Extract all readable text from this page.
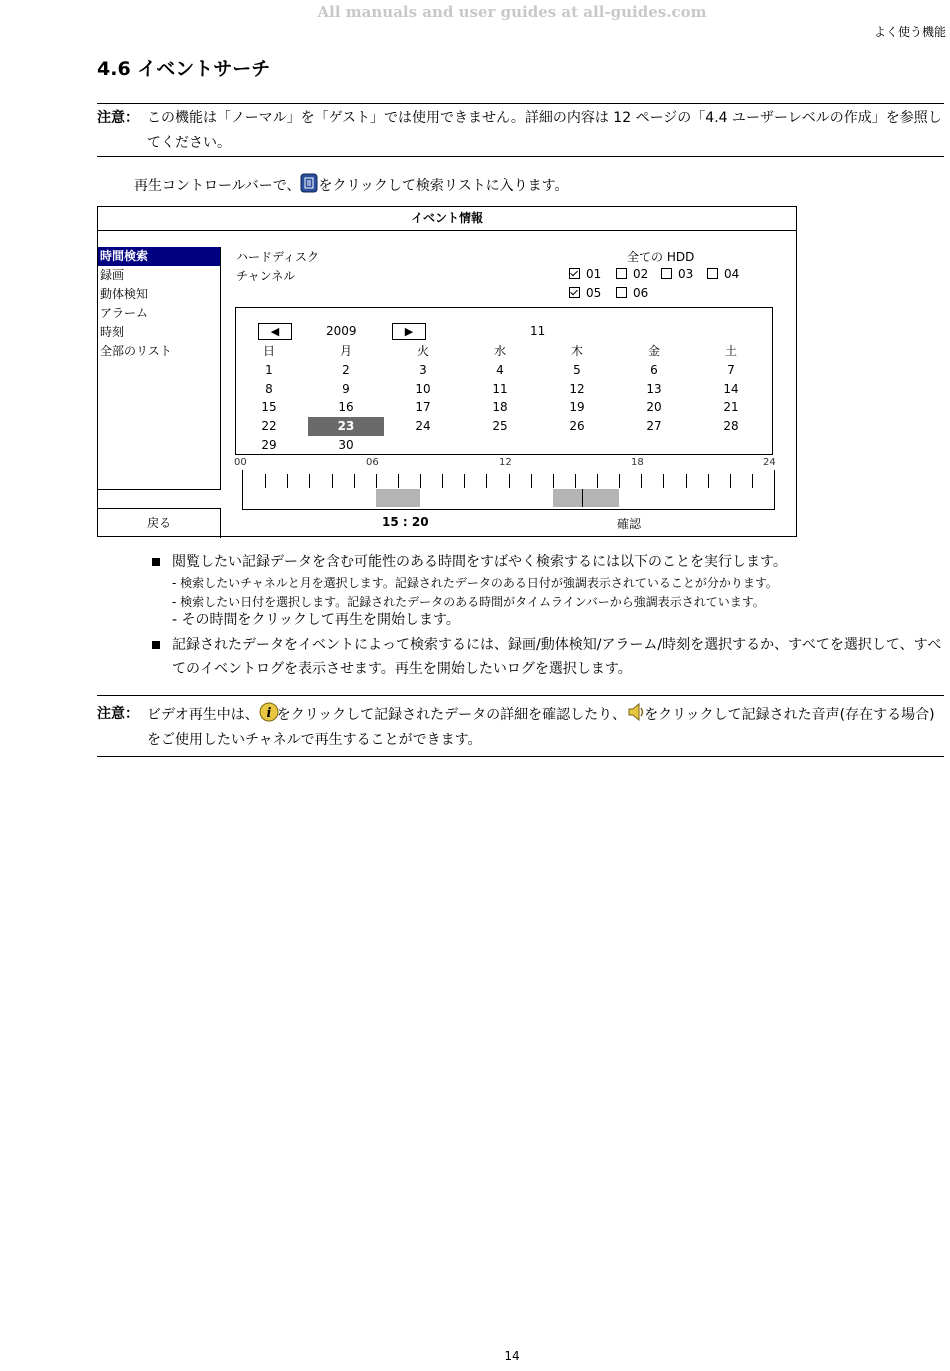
All manuals and user guides at all-guides.com
よく使う機能
4.6 イベントサーチ
注意： この機能は「ノーマル」を「ゲスト」では使用できません。詳細の内容は 12 ページの「4.4 ユーザーレベルの作成」を参照してください。
再生コントロールバーで、 をクリックして検索リストに入ります。
イベント情報
時間検索
録画
動体検知
アラーム
時刻
全部のリスト
ハードディスク	全ての HDD
チャンネル	01	02	03	04
05	06
◀	2009	▶	11
日	月	火	水	木	金	土
1	2	3	4	5	6	7
8	9	10	11	12	13	14
15	16	17	18	19	20	21
22	23	24	25	26	27	28
29	30
00	06	12	18	24
戻る	15 : 20	確認
閲覧したい記録データを含む可能性のある時間をすばやく検索するには以下のことを実行します。
- 検索したいチャネルと月を選択します。記録されたデータのある日付が強調表示されていることが分かります。
- 検索したい日付を選択します。記録されたデータのある時間がタイムラインバーから強調表示されています。
- その時間をクリックして再生を開始します。
記録されたデータをイベントによって検索するには、録画/動体検知/アラーム/時刻を選択するか、すべてを選択して、すべてのイベントログを表示させます。再生を開始したいログを選択します。
注意： ビデオ再生中は、 i をクリックして記録されたデータの詳細を確認したり、 をクリックして記録された音声(存在する場合)をご使用したいチャネルで再生することができます。
14
